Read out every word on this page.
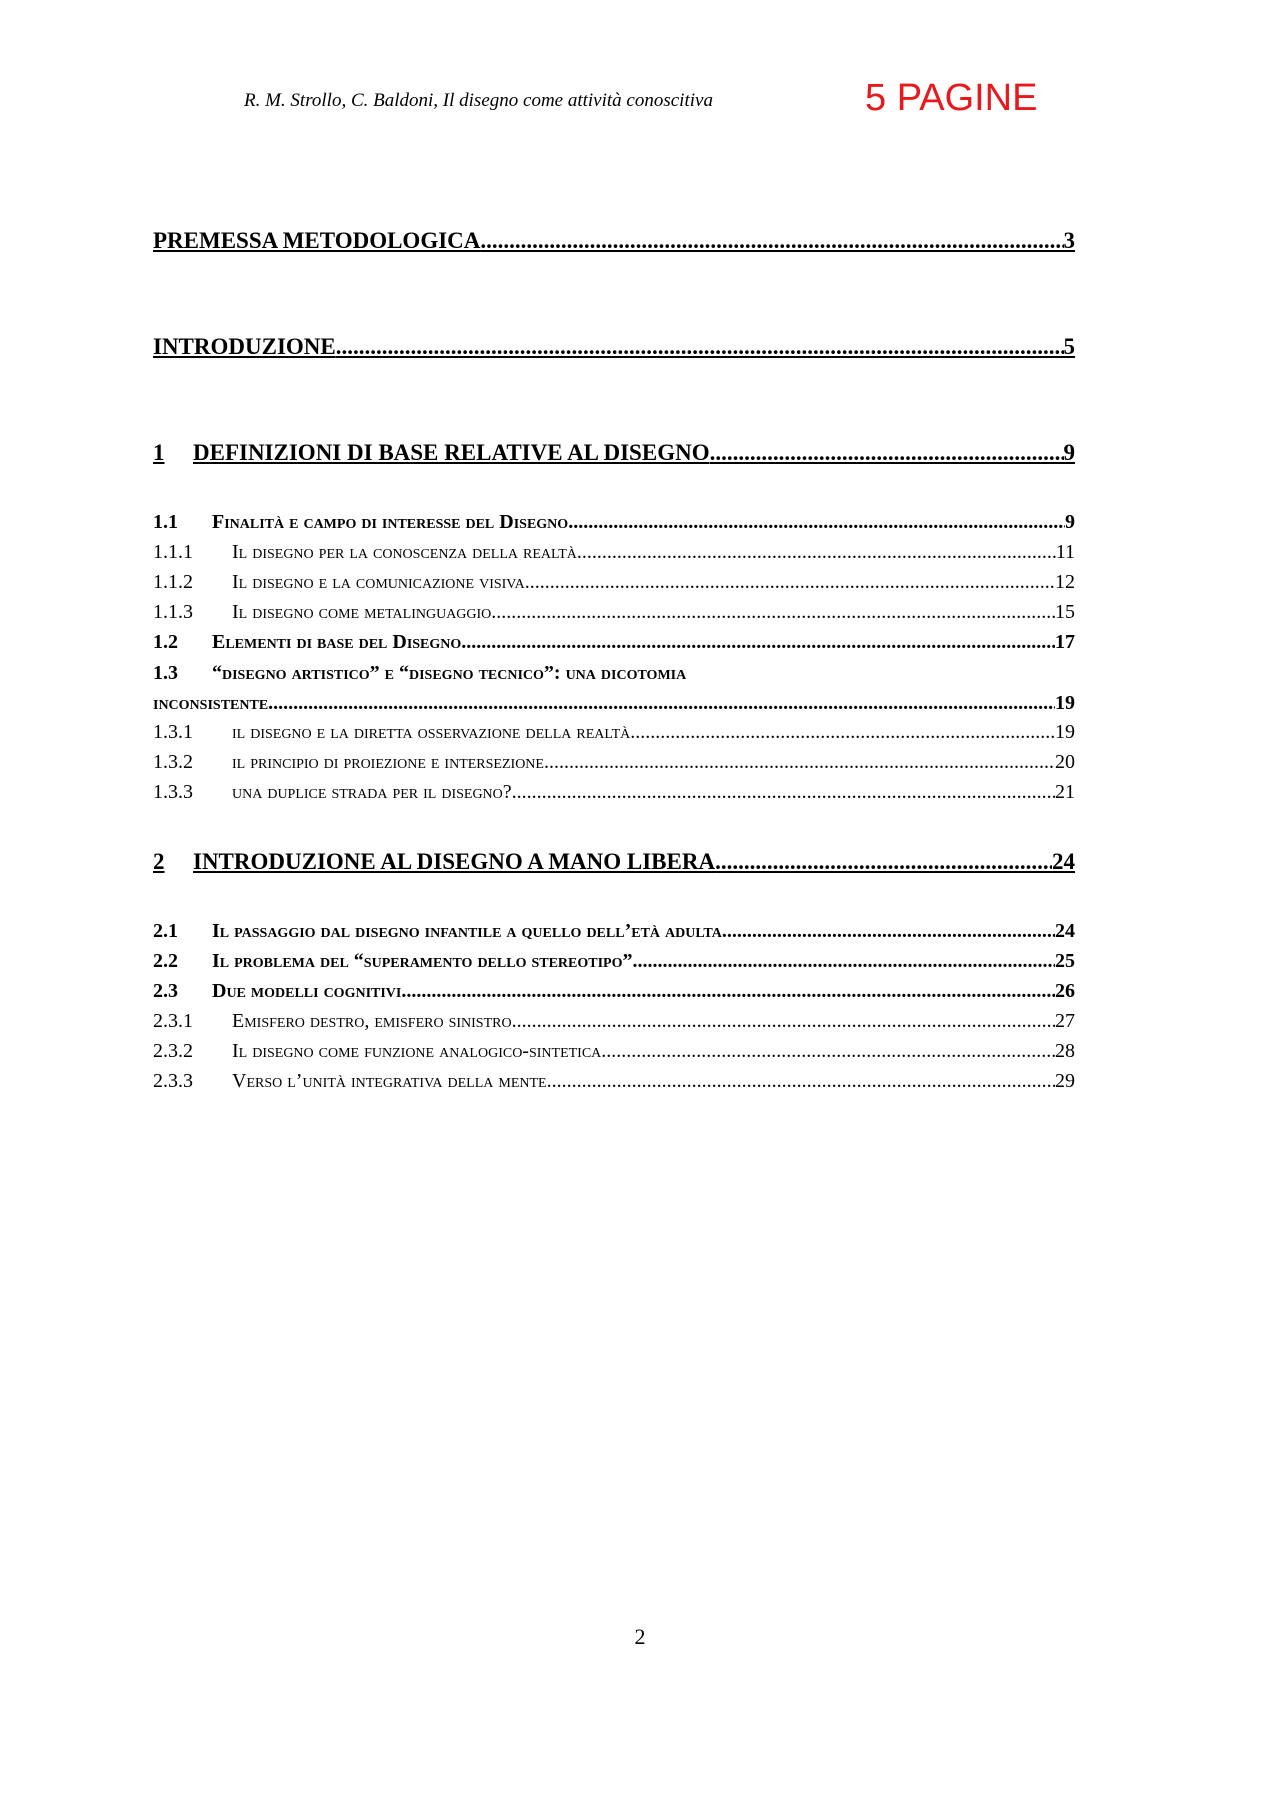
R. M. Strollo, C. Baldoni, Il disegno come attività conoscitiva	5 PAGINE
PREMESSA METODOLOGICA .....	3
INTRODUZIONE .....	5
1	DEFINIZIONI DI BASE RELATIVE AL DISEGNO .....	9
1.1	Finalità e campo di interesse del Disegno .....	9
1.1.1	Il disegno per la conoscenza della realtà .....	11
1.1.2	Il disegno e la comunicazione visiva .....	12
1.1.3	Il disegno come metalinguaggio .....	15
1.2	Elementi di base del Disegno .....	17
1.3	“disegno artistico” e “disegno tecnico”: una dicotomia
inconsistente .....	19
1.3.1	il disegno e la diretta osservazione della realtà .....	19
1.3.2	il principio di proiezione e intersezione .....	20
1.3.3	una duplice strada per il disegno? .....	21
2	INTRODUZIONE AL DISEGNO A MANO LIBERA .....	24
2.1	Il passaggio dal disegno infantile a quello dell’età adulta .....	24
2.2	Il problema del “superamento dello stereotipo” .....	25
2.3	Due modelli cognitivi .....	26
2.3.1	Emisfero destro, emisfero sinistro .....	27
2.3.2	Il disegno come funzione analogico-sintetica .....	28
2.3.3	Verso l’unità integrativa della mente .....	29
2
